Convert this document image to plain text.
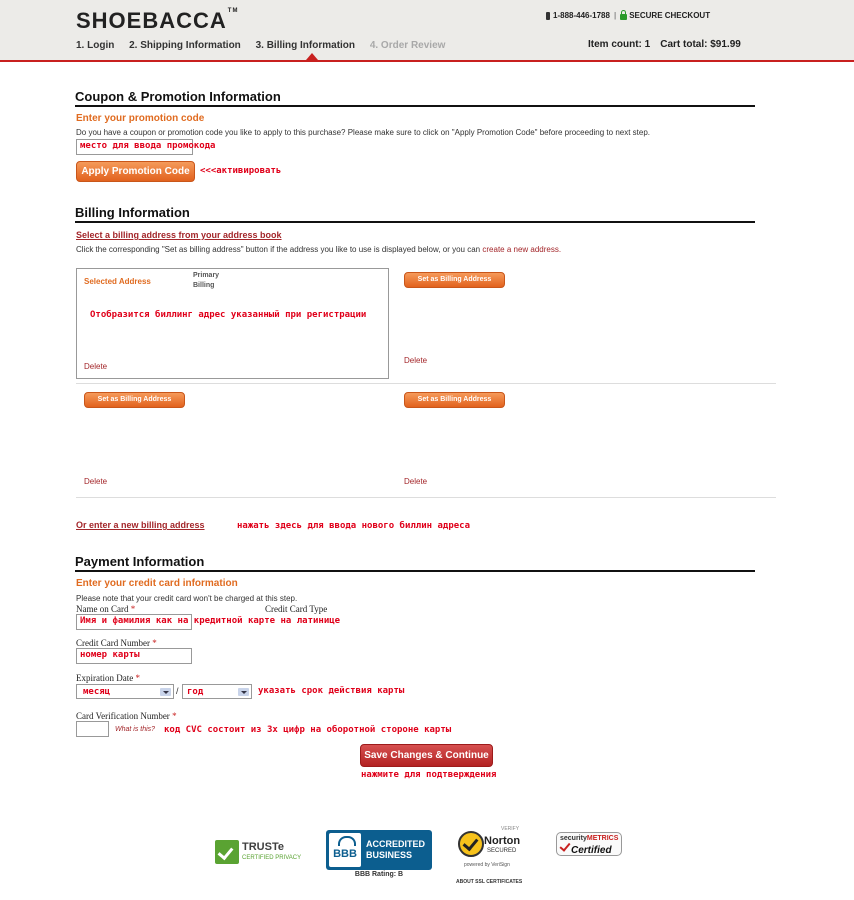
SHOEBACCA™	1-888-446-1788 | SECURE CHECKOUT
1. Login 2. Shipping Information 3. Billing Information 4. Order Review	Item count: 1 Cart total: $91.99
Coupon & Promotion Information
Enter your promotion code
Do you have a coupon or promotion code you like to apply to this purchase? Please make sure to click on "Apply Promotion Code" before proceeding to next step.
место для ввода промокода
Apply Promotion Code	<<<активировать
Billing Information
Select a billing address from your address book
Click the corresponding "Set as billing address" button if the address you like to use is displayed below, or you can create a new address.
Selected Address
Primary
Billing
Отобразится биллинг адрес указанный при регистрации
Delete
Set as Billing Address
Delete
Set as Billing Address
Delete
Set as Billing Address
Delete
Or enter a new billing address	нажать здесь для ввода нового биллин адреса
Payment Information
Enter your credit card information
Please note that your credit card won't be charged at this step.
Name on Card *	Credit Card Type
Имя и фамилия как на кредитной карте на латинице
Credit Card Number *
номер карты
Expiration Date *
месяц	/ год	указать срок действия карты
Card Verification Number *
What is this? код CVC состоит из 3х цифр на оборотной стороне карты
Save Changes & Continue
нажмите для подтверждения
TRUSTe
CERTIFIED PRIVACY	BBB
ACCREDITED
BUSINESS
BBB Rating: B
VERIFY
Norton
SECURED
powered by VeriSign
ABOUT SSL CERTIFICATES
securityMETRICS
Certified
